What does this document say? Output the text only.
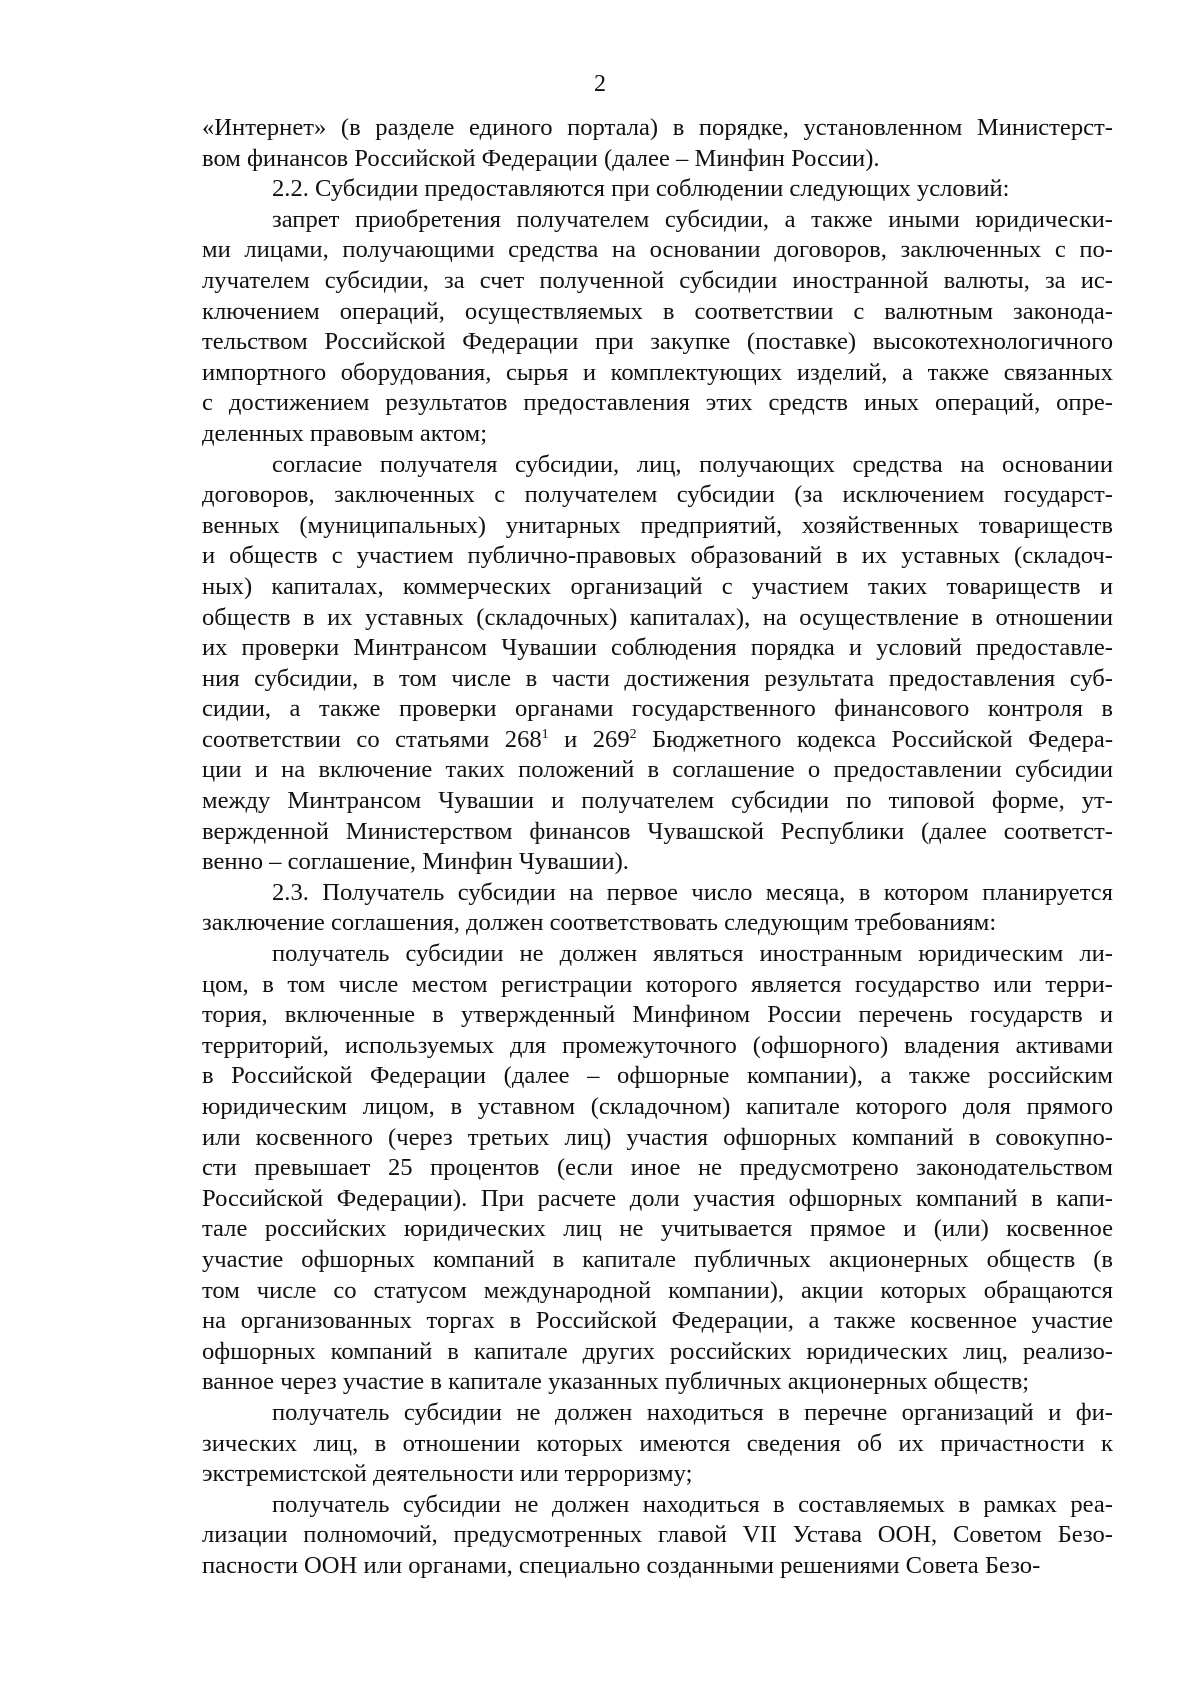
2

«Интернет» (в разделе единого портала) в порядке, установленном Министерст-

вом финансов Российской Федерации (далее – Минфин России).

2.2. Субсидии предоставляются при соблюдении следующих условий:

запрет приобретения получателем субсидии, а также иными юридически-

ми лицами, получающими средства на основании договоров, заключенных с по-

лучателем субсидии, за счет полученной субсидии иностранной валюты, за ис-

ключением операций, осуществляемых в соответствии с валютным законода-

тельством Российской Федерации при закупке (поставке) высокотехнологичного

импортного оборудования, сырья и комплектующих изделий, а также связанных

с достижением результатов предоставления этих средств иных операций, опре-

деленных правовым актом;

согласие получателя субсидии, лиц, получающих средства на основании

договоров, заключенных с получателем субсидии (за исключением государст-

венных (муниципальных) унитарных предприятий, хозяйственных товариществ

и обществ с участием публично-правовых образований в их уставных (складоч-

ных) капиталах, коммерческих организаций с участием таких товариществ и

обществ в их уставных (складочных) капиталах), на осуществление в отношении

их проверки Минтрансом Чувашии соблюдения порядка и условий предоставле-

ния субсидии, в том числе в части достижения результата предоставления суб-

сидии, а также проверки органами государственного финансового контроля в

соответствии со статьями $268^1$ и $269^2$ Бюджетного кодекса Российской Федера-

ции и на включение таких положений в соглашение о предоставлении субсидии

между Минтрансом Чувашии и получателем субсидии по типовой форме, ут-

вержденной Министерством финансов Чувашской Республики (далее соответст-

венно – соглашение, Минфин Чувашии).

2.3. Получатель субсидии на первое число месяца, в котором планируется

заключение соглашения, должен соответствовать следующим требованиям:

получатель субсидии не должен являться иностранным юридическим ли-

цом, в том числе местом регистрации которого является государство или терри-

тория, включенные в утвержденный Минфином России перечень государств и

территорий, используемых для промежуточного (офшорного) владения активами

в Российской Федерации (далее – офшорные компании), а также российским

юридическим лицом, в уставном (складочном) капитале которого доля прямого

или косвенного (через третьих лиц) участия офшорных компаний в совокупно-

сти превышает 25 процентов (если иное не предусмотрено законодательством

Российской Федерации). При расчете доли участия офшорных компаний в капи-

тале российских юридических лиц не учитывается прямое и (или) косвенное

участие офшорных компаний в капитале публичных акционерных обществ (в

том числе со статусом международной компании), акции которых обращаются

на организованных торгах в Российской Федерации, а также косвенное участие

офшорных компаний в капитале других российских юридических лиц, реализо-

ванное через участие в капитале указанных публичных акционерных обществ;

получатель субсидии не должен находиться в перечне организаций и фи-

зических лиц, в отношении которых имеются сведения об их причастности к

экстремистской деятельности или терроризму;

получатель субсидии не должен находиться в составляемых в рамках реа-

лизации полномочий, предусмотренных главой VII Устава ООН, Советом Безо-

пасности ООН или органами, специально созданными решениями Совета Безо-
